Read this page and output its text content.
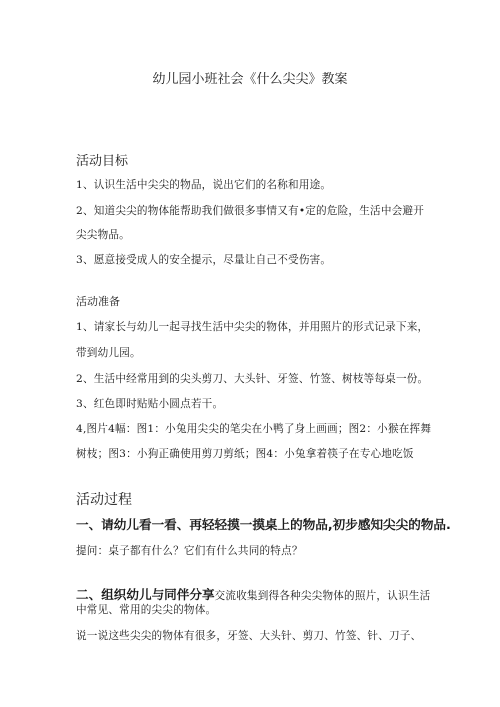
幼儿园小班社会《什么尖尖》教案
活动目标
1、认识生活中尖尖的物品，说出它们的名称和用途。
2、知道尖尖的物体能帮助我们做很多事情又有•定的危险，生活中会避开
尖尖物品。
3、愿意接受成人的安全提示，尽量让自己不受伤害。
活动准备
1、请家长与幼儿一起寻找生活中尖尖的物体，并用照片的形式记录下来，
带到幼儿园。
2、生活中经常用到的尖头剪刀、大头针、牙签、竹签、树枝等每桌一份。
3、红色即时贴贴小圆点若干。
4,图片4幅：图1：小兔用尖尖的笔尖在小鸭了身上画画；图2：小猴在挥舞
树枝；图3：小狗正确使用剪刀剪纸；图4：小兔拿着筷子在专心地吃饭
活动过程
一、请幼儿看一看、再轻轻摸一摸桌上的物品,初步感知尖尖的物品.
提问：桌子都有什么？它们有什么共同的特点？
二、组织幼儿与同伴分享交流收集到得各种尖尖物体的照片，认识生活
中常见、常用的尖尖的物体。
说一说这些尖尖的物体有很多，牙签、大头针、剪刀、竹签、针、刀子、
